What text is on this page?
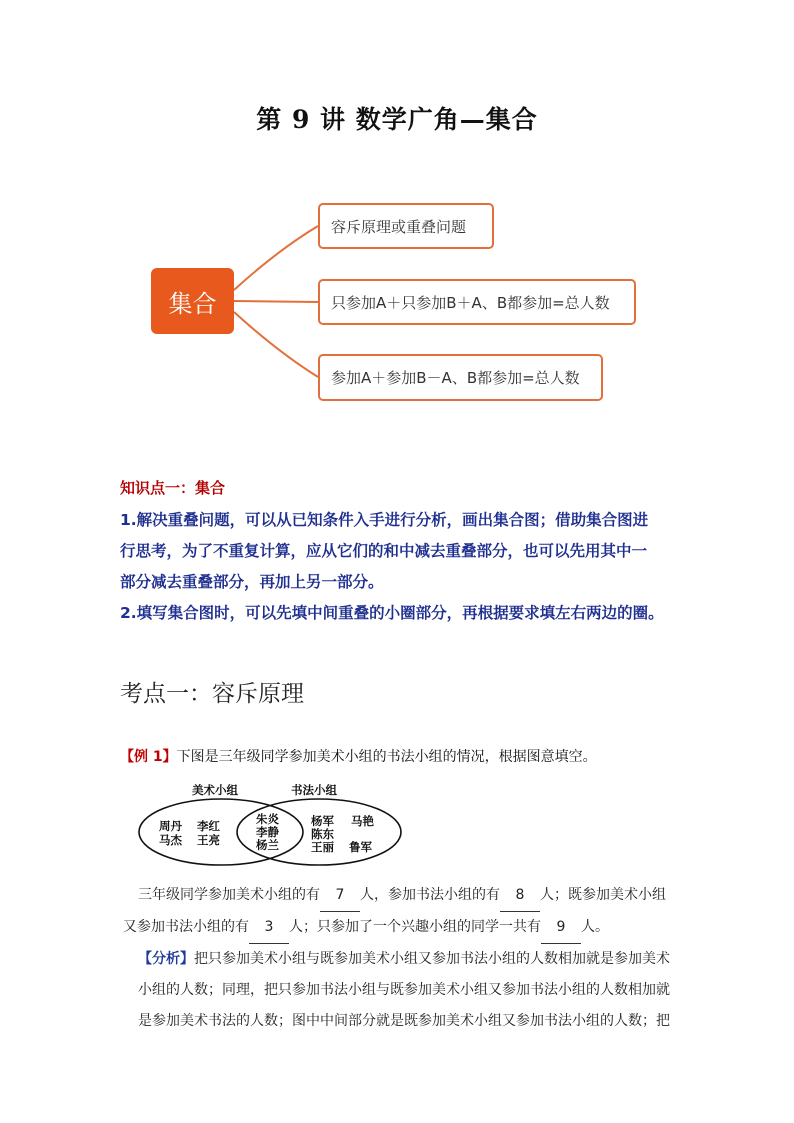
第 9 讲 数学广角—集合
集合
容斥原理或重叠问题
只参加A＋只参加B＋A、B都参加=总人数
参加A＋参加B－A、B都参加=总人数
知识点一：集合

1.解决重叠问题，可以从已知条件入手进行分析，画出集合图；借助集合图进

行思考，为了不重复计算，应从它们的和中减去重叠部分，也可以先用其中一

部分减去重叠部分，再加上另一部分。

2.填写集合图时，可以先填中间重叠的小圈部分，再根据要求填左右两边的圈。

考点一：容斥原理
【例 1】下图是三年级同学参加美术小组的书法小组的情况，根据图意填空。
美术小组	书法小组
周丹 李红
马杰 王亮
朱炎
李静
杨兰
杨军 马艳
陈东
王丽 鲁军

三年级同学参加美术小组的有 7 人，参加书法小组的有 8 人；既参加美术小组

又参加书法小组的有 3 人；只参加了一个兴趣小组的同学一共有 9 人。

【分析】把只参加美术小组与既参加美术小组又参加书法小组的人数相加就是参加美术

小组的人数；同理，把只参加书法小组与既参加美术小组又参加书法小组的人数相加就

是参加美术书法的人数；图中中间部分就是既参加美术小组又参加书法小组的人数；把
